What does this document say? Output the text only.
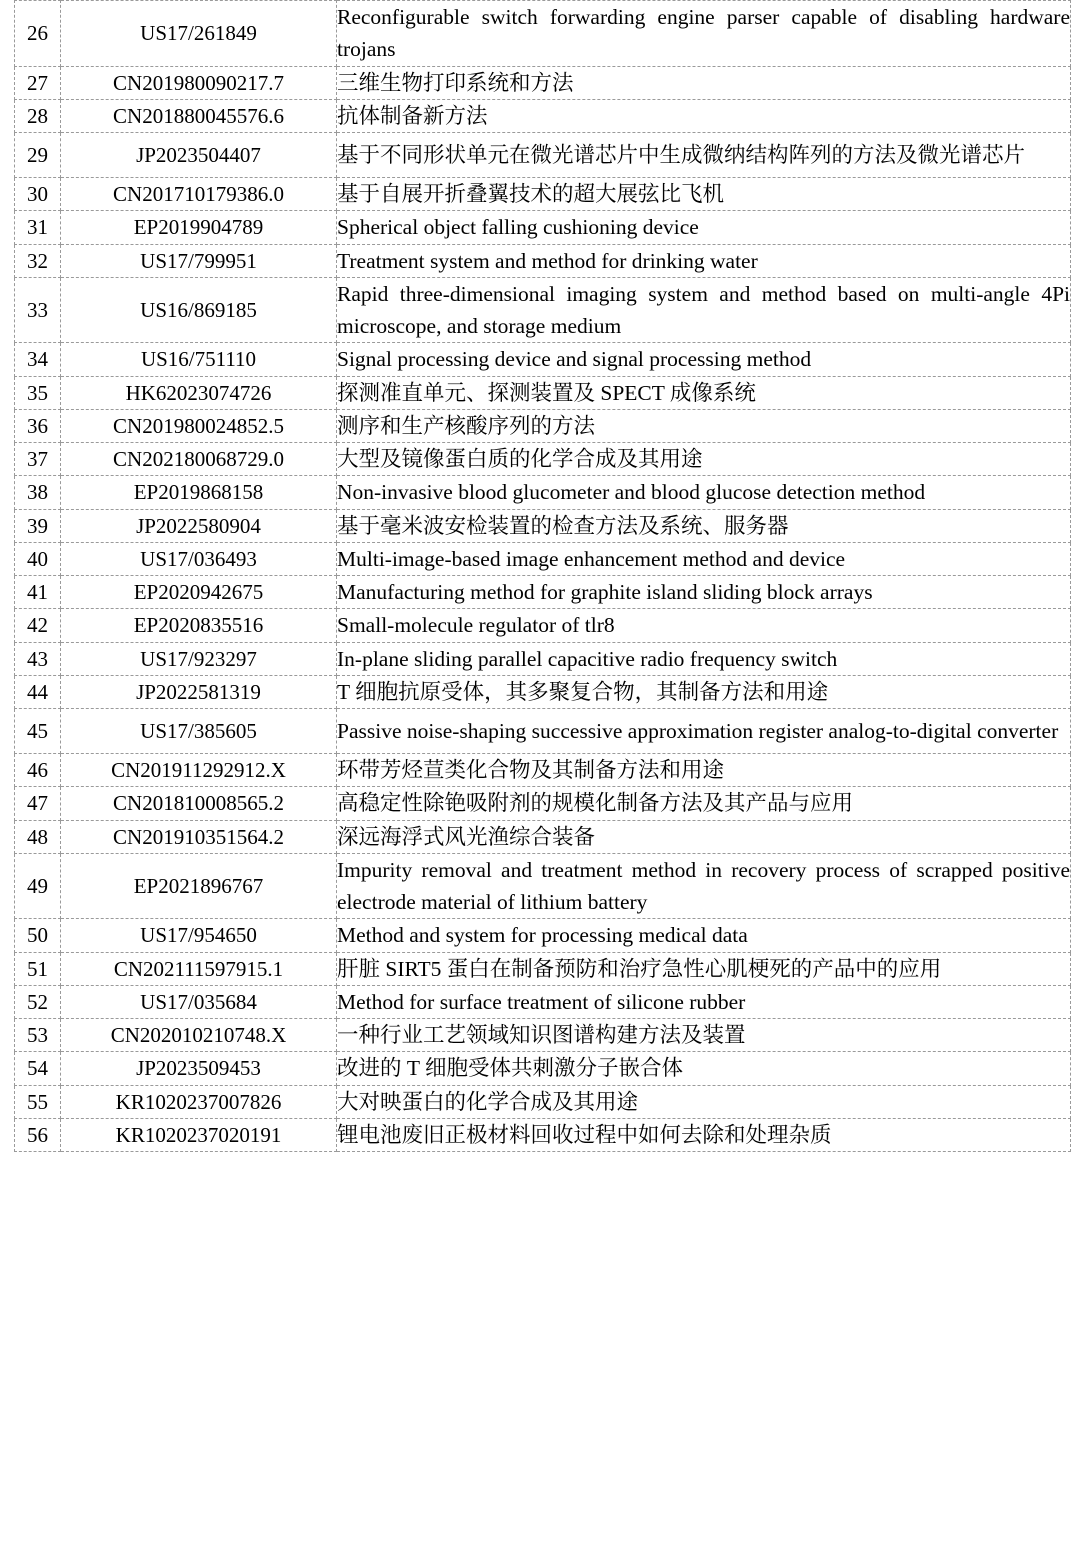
26	US17/261849	Reconfigurable switch forwarding engine parser capable of disabling hardware trojans
27	CN201980090217.7	三维生物打印系统和方法
28	CN201880045576.6	抗体制备新方法
29	JP2023504407	基于不同形状单元在微光谱芯片中生成微纳结构阵列的方法及微光谱芯片
30	CN201710179386.0	基于自展开折叠翼技术的超大展弦比飞机
31	EP2019904789	Spherical object falling cushioning device
32	US17/799951	Treatment system and method for drinking water
33	US16/869185	Rapid three-dimensional imaging system and method based on multi-angle 4Pi microscope, and storage medium
34	US16/751110	Signal processing device and signal processing method
35	HK62023074726	探测准直单元、探测装置及 SPECT 成像系统
36	CN201980024852.5	测序和生产核酸序列的方法
37	CN202180068729.0	大型及镜像蛋白质的化学合成及其用途
38	EP2019868158	Non-invasive blood glucometer and blood glucose detection method
39	JP2022580904	基于毫米波安检装置的检查方法及系统、服务器
40	US17/036493	Multi-image-based image enhancement method and device
41	EP2020942675	Manufacturing method for graphite island sliding block arrays
42	EP2020835516	Small-molecule regulator of tlr8
43	US17/923297	In-plane sliding parallel capacitive radio frequency switch
44	JP2022581319	T 细胞抗原受体，其多聚复合物，其制备方法和用途
45	US17/385605	Passive noise-shaping successive approximation register analog-to-digital converter
46	CN201911292912.X	环带芳烃荁类化合物及其制备方法和用途
47	CN201810008565.2	高稳定性除铯吸附剂的规模化制备方法及其产品与应用
48	CN201910351564.2	深远海浮式风光渔综合装备
49	EP2021896767	Impurity removal and treatment method in recovery process of scrapped positive electrode material of lithium battery
50	US17/954650	Method and system for processing medical data
51	CN202111597915.1	肝脏 SIRT5 蛋白在制备预防和治疗急性心肌梗死的产品中的应用
52	US17/035684	Method for surface treatment of silicone rubber
53	CN202010210748.X	一种行业工艺领域知识图谱构建方法及装置
54	JP2023509453	改进的 T 细胞受体共刺激分子嵌合体
55	KR1020237007826	大对映蛋白的化学合成及其用途
56	KR1020237020191	锂电池废旧正极材料回收过程中如何去除和处理杂质
